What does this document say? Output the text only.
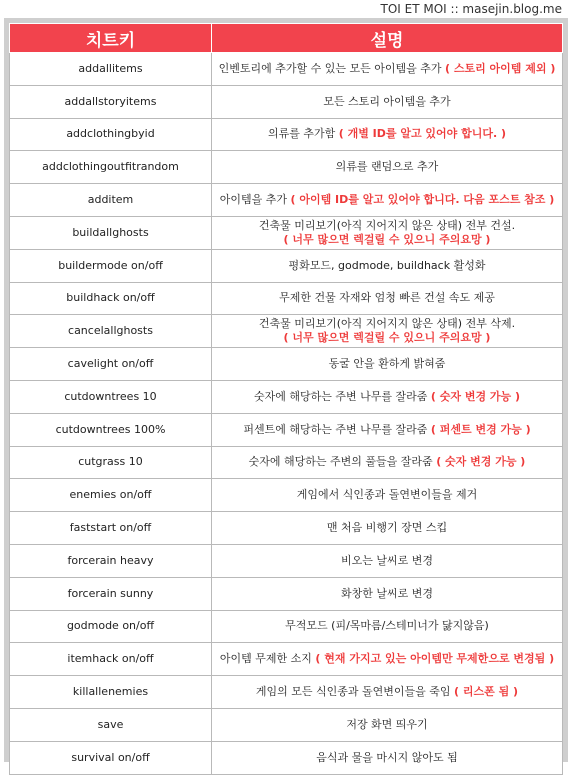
TOI ET MOI :: masejin.blog.me
치트키	설명
addallitems	인벤토리에 추가할 수 있는 모든 아이템을 추가 ( 스토리 아이템 제외 )
addallstoryitems	모든 스토리 아이템을 추가
addclothingbyid	의류를 추가함 ( 개별 ID를 알고 있어야 합니다. )
addclothingoutfitrandom	의류를 랜덤으로 추가
additem	아이템을 추가 ( 아이템 ID를 알고 있어야 합니다. 다음 포스트 참조 )
buildallghosts	건축물 미리보기(아직 지어지지 않은 상태) 전부 건설.
( 너무 많으면 렉걸릴 수 있으니 주의요망 )
buildermode on/off	평화모드, godmode, buildhack 활성화
buildhack on/off	무제한 건물 자재와 엄청 빠른 건설 속도 제공
cancelallghosts	건축물 미리보기(아직 지어지지 않은 상태) 전부 삭제.
( 너무 많으면 렉걸릴 수 있으니 주의요망 )
cavelight on/off	동굴 안을 환하게 밝혀줌
cutdowntrees 10	숫자에 해당하는 주변 나무를 잘라줌 ( 숫자 변경 가능 )
cutdowntrees 100%	퍼센트에 해당하는 주변 나무를 잘라줌 ( 퍼센트 변경 가능 )
cutgrass 10	숫자에 해당하는 주변의 풀들을 잘라줌 ( 숫자 변경 가능 )
enemies on/off	게임에서 식인종과 돌연변이들을 제거
faststart on/off	맨 처음 비행기 장면 스킵
forcerain heavy	비오는 날씨로 변경
forcerain sunny	화창한 날씨로 변경
godmode on/off	무적모드 (피/목마름/스테미너가 닳지않음)
itemhack on/off	아이템 무제한 소지 ( 현재 가지고 있는 아이템만 무제한으로 변경됨 )
killallenemies	게임의 모든 식인종과 돌연변이들을 죽임 ( 리스폰 됨 )
save	저장 화면 띄우기
survival on/off	음식과 물을 마시지 않아도 됨
